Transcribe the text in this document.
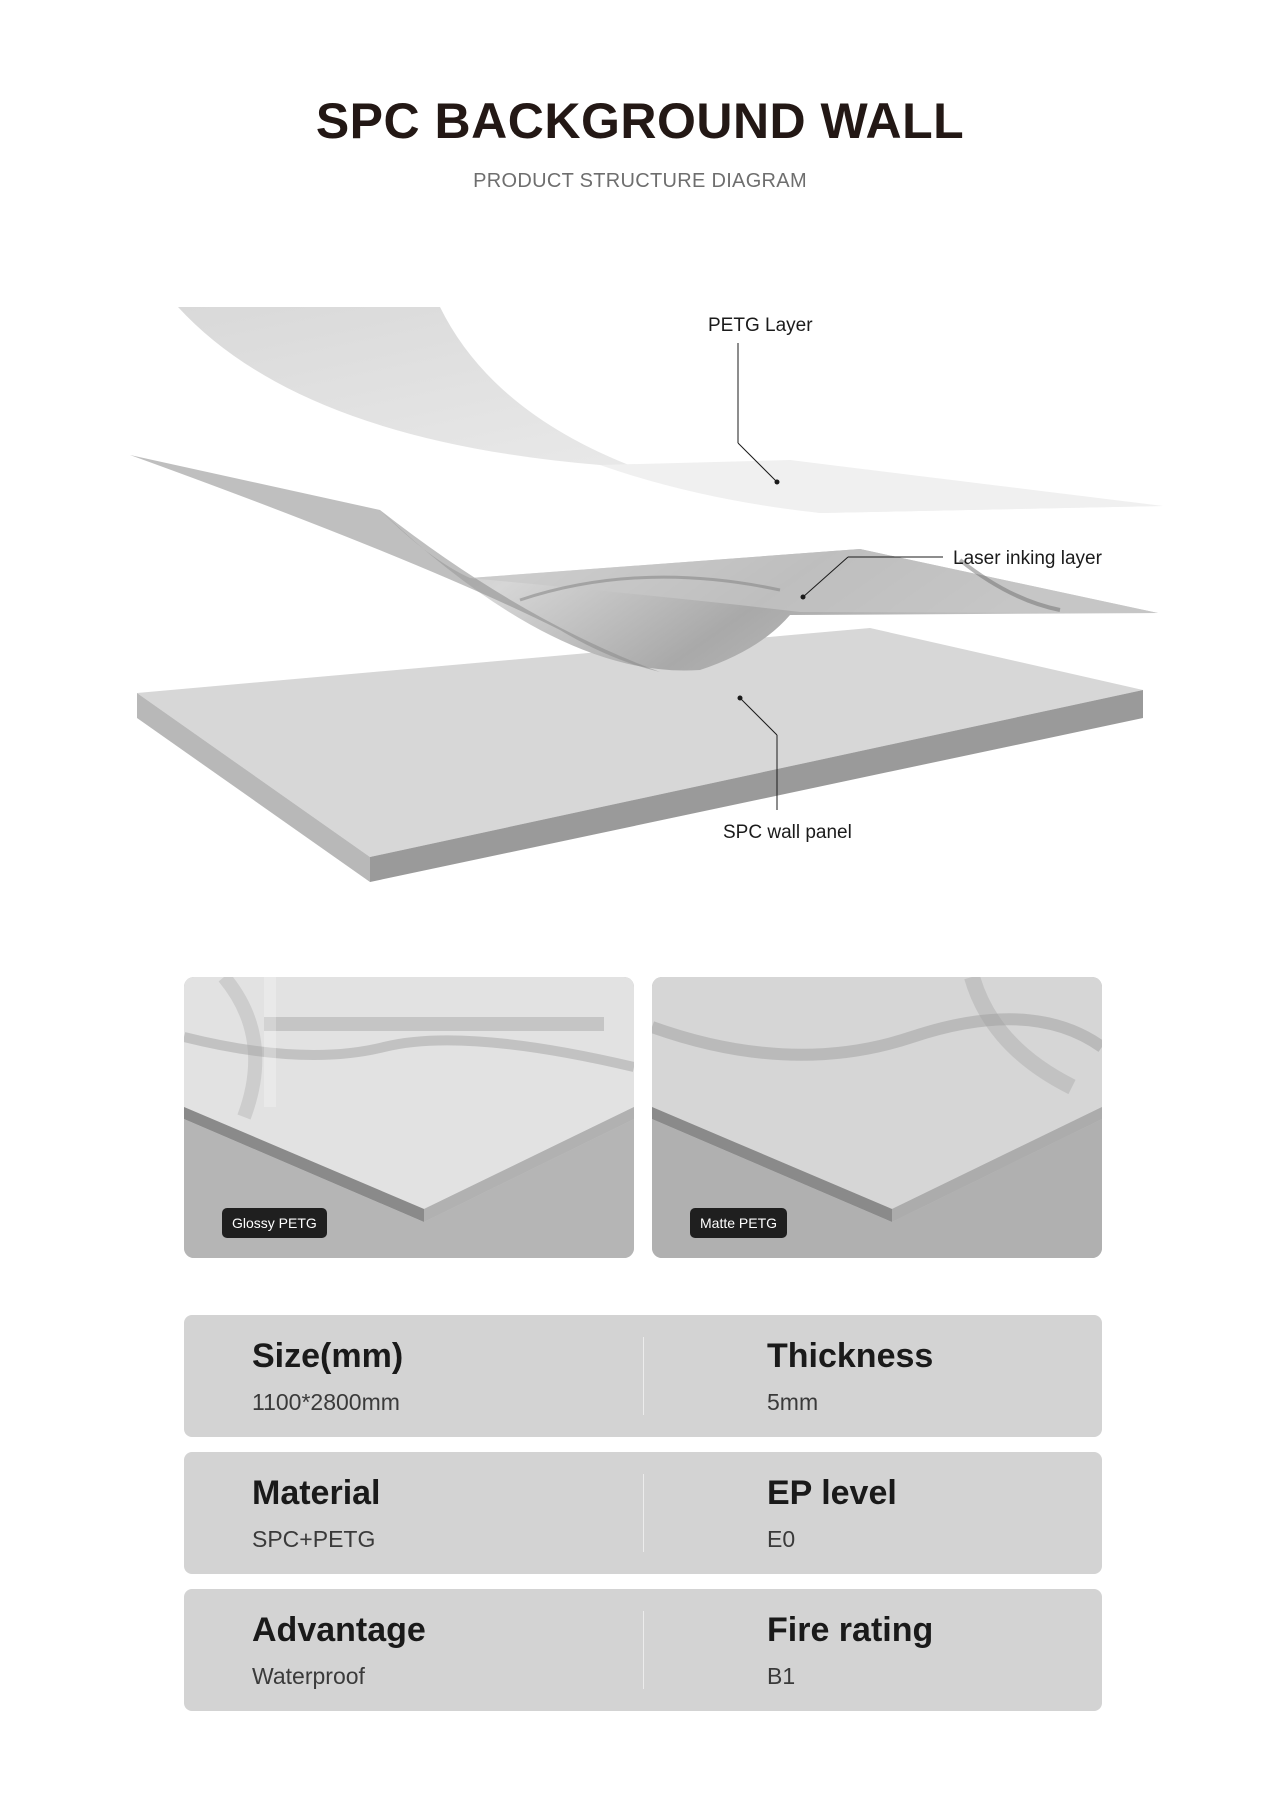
SPC BACKGROUND WALL
PRODUCT STRUCTURE DIAGRAM
PETG Layer
Laser inking layer
SPC wall panel
Glossy PETG	Matte PETG
Size(mm)
1100*2800mm
Thickness
5mm
Material
SPC+PETG
EP level
E0
Advantage
Waterproof
Fire rating
B1
